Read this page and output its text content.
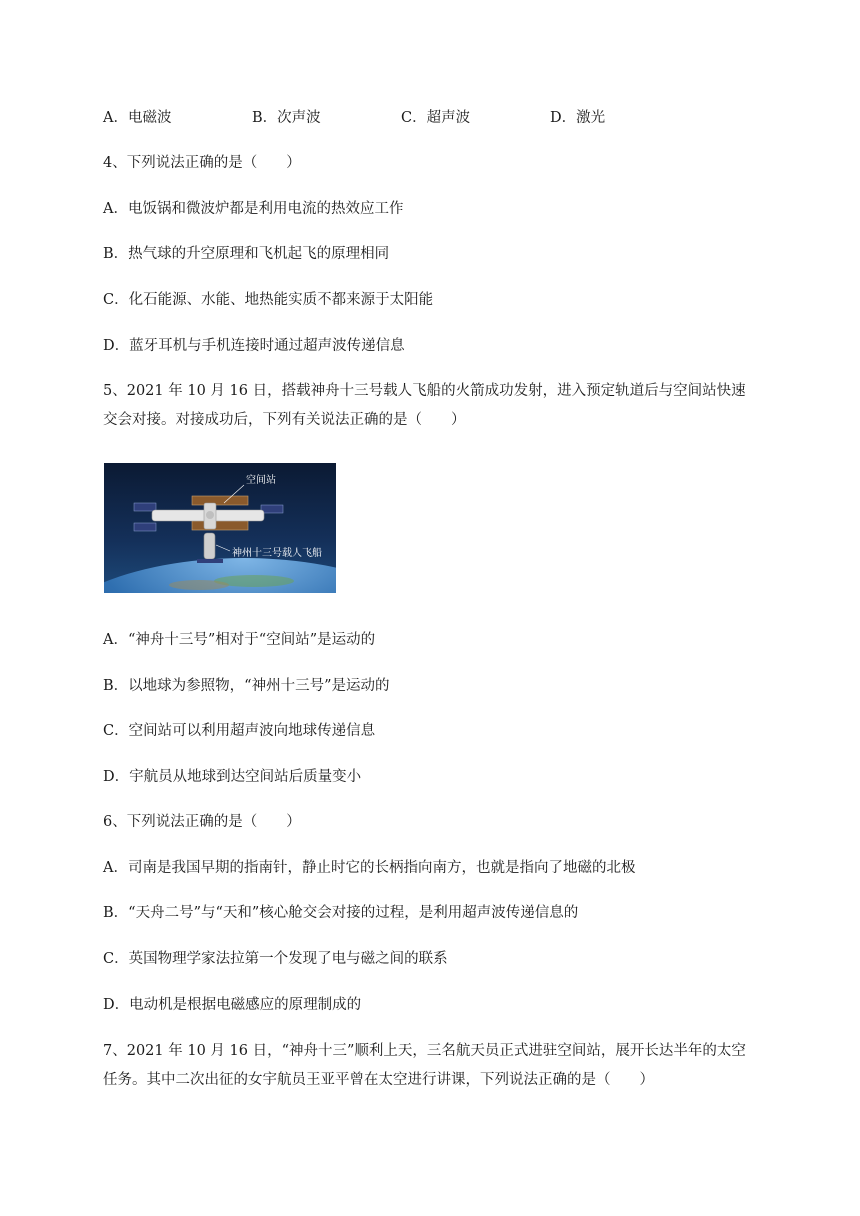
A．电磁波	B．次声波	C．超声波	D．激光
4、下列说法正确的是（　　）
A．电饭锅和微波炉都是利用电流的热效应工作
B．热气球的升空原理和飞机起飞的原理相同
C．化石能源、水能、地热能实质不都来源于太阳能
D．蓝牙耳机与手机连接时通过超声波传递信息
5、2021 年 10 月 16 日，搭载神舟十三号载人飞船的火箭成功发射，进入预定轨道后与空间站快速
交会对接。对接成功后，下列有关说法正确的是（　　）
空间站
神州十三号载人飞船
A．“神舟十三号”相对于“空间站”是运动的
B．以地球为参照物，“神州十三号”是运动的
C．空间站可以利用超声波向地球传递信息
D．宇航员从地球到达空间站后质量变小
6、下列说法正确的是（　　）
A．司南是我国早期的指南针，静止时它的长柄指向南方，也就是指向了地磁的北极
B．“天舟二号”与“天和”核心舱交会对接的过程，是利用超声波传递信息的
C．英国物理学家法拉第一个发现了电与磁之间的联系
D．电动机是根据电磁感应的原理制成的
7、2021 年 10 月 16 日，“神舟十三”顺利上天，三名航天员正式进驻空间站，展开长达半年的太空
任务。其中二次出征的女宇航员王亚平曾在太空进行讲课，下列说法正确的是（　　）
